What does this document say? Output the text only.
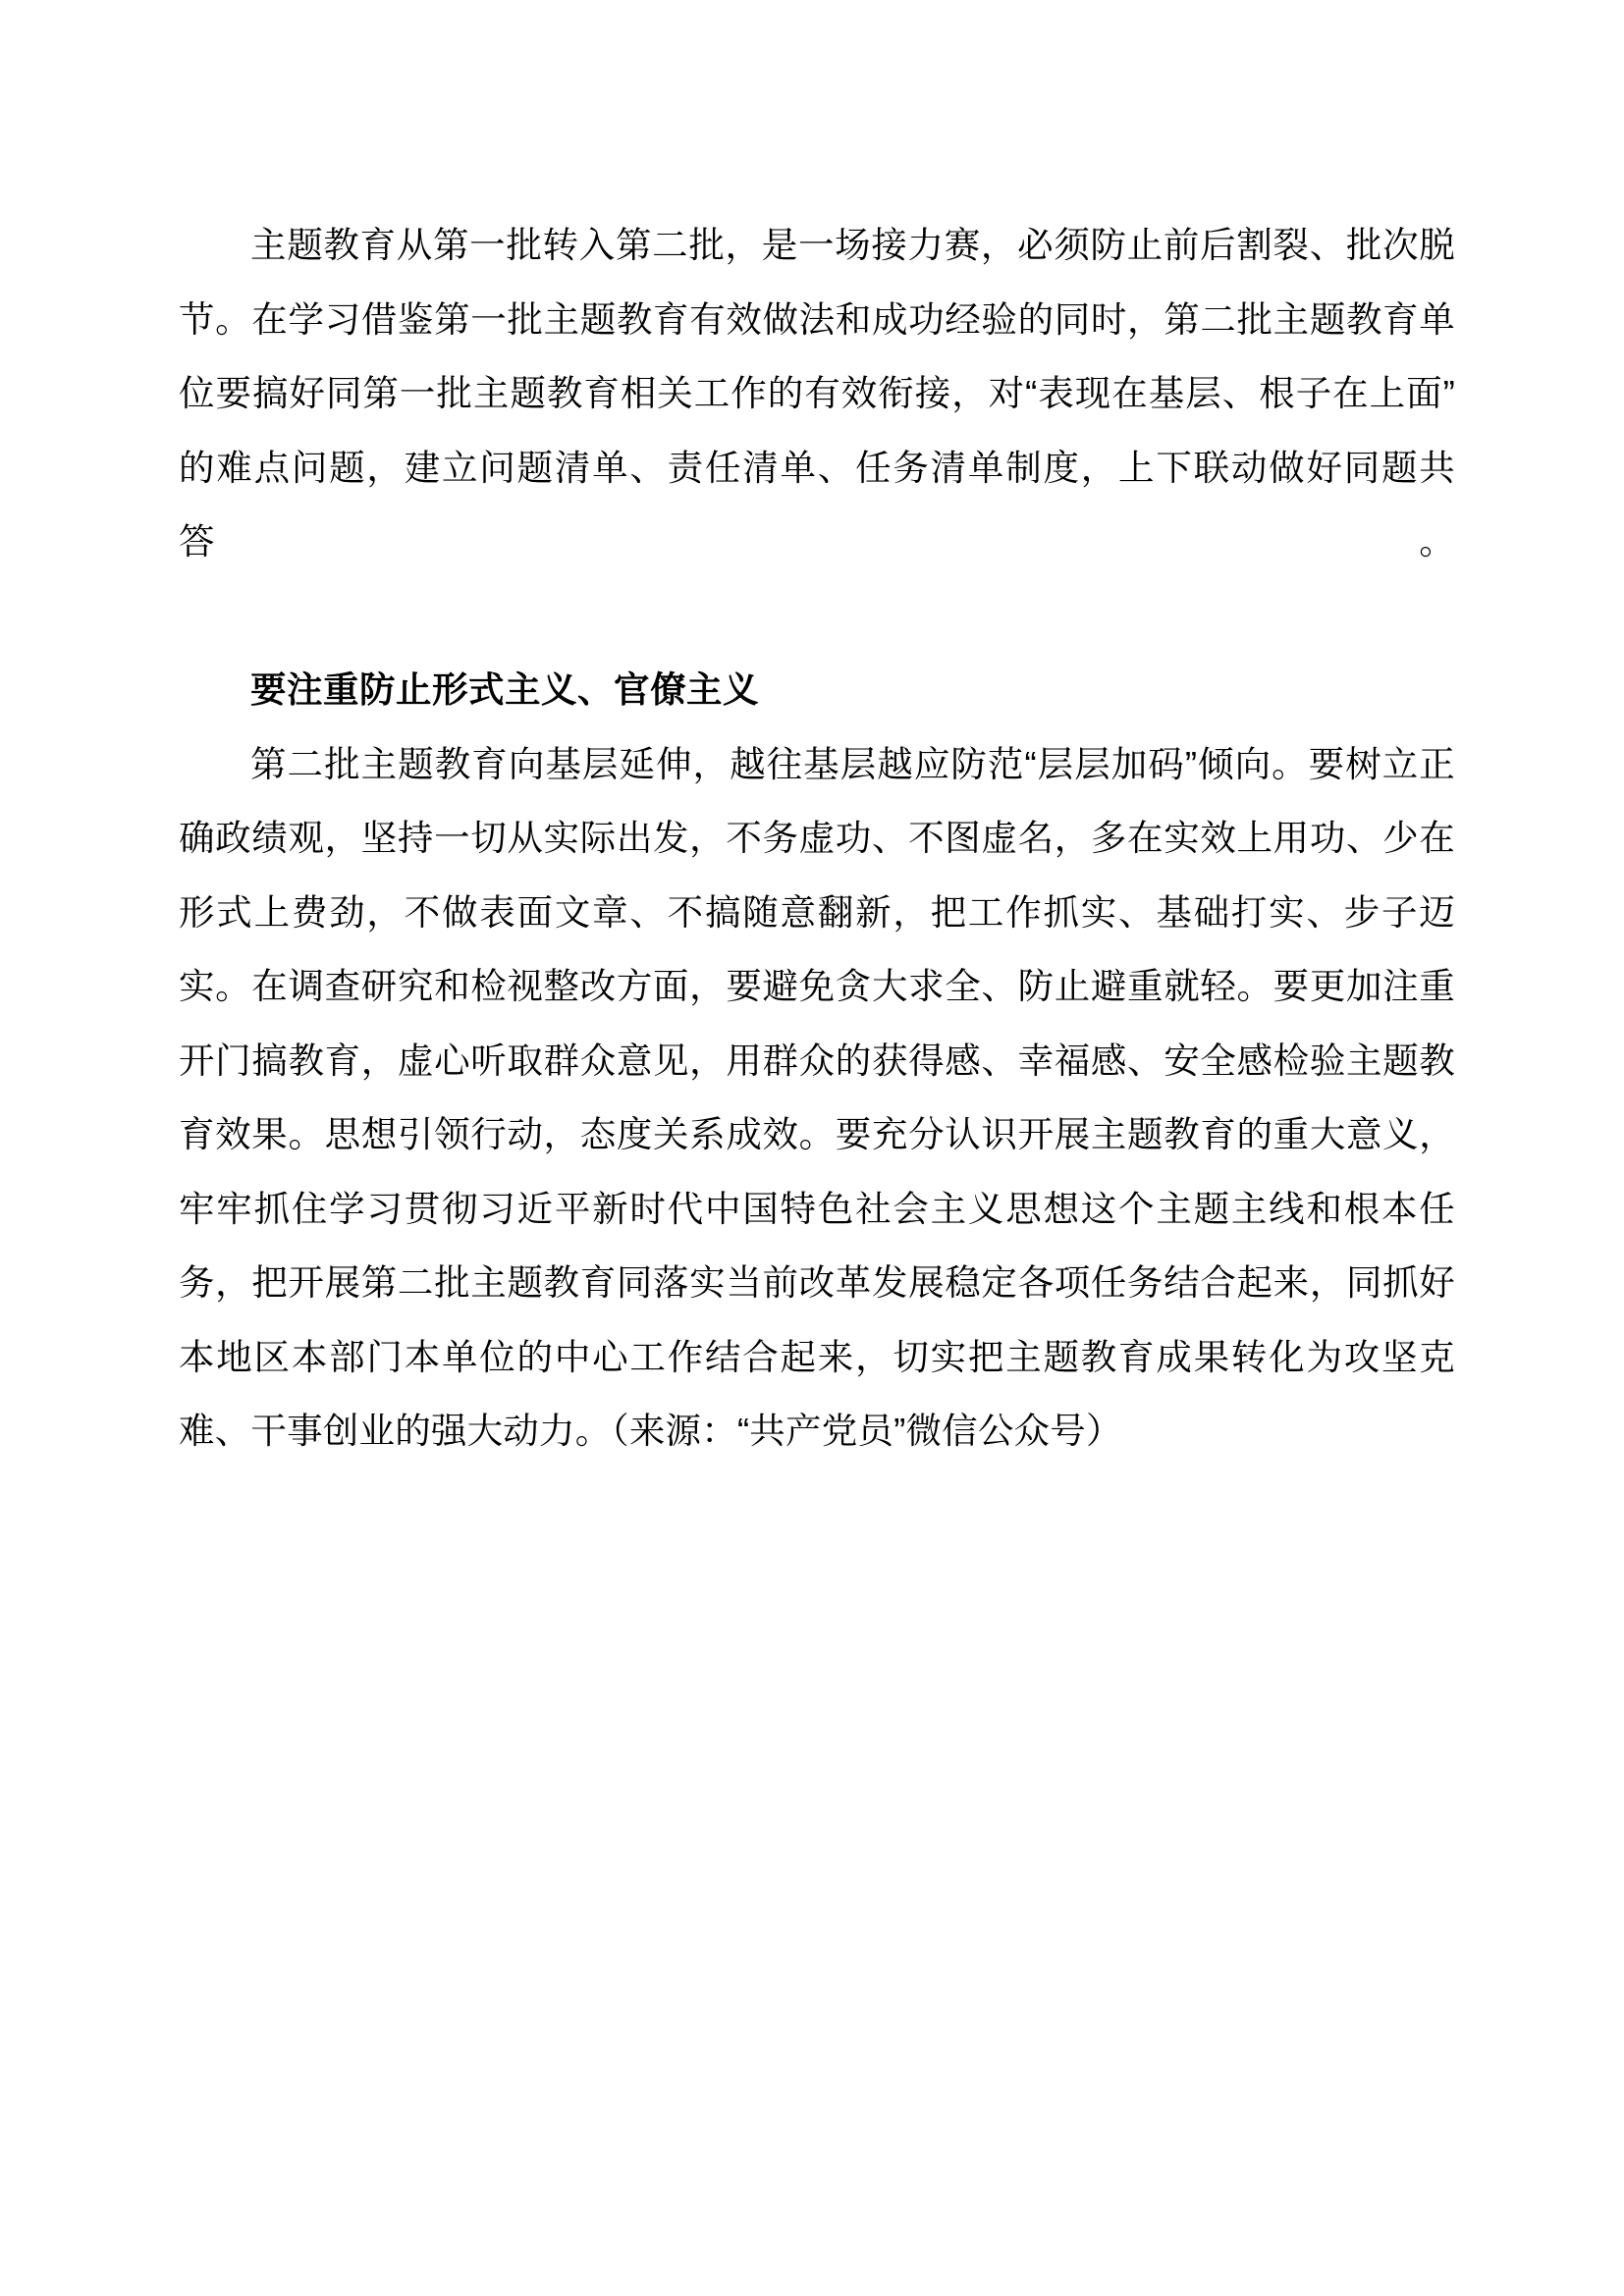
主题教育从第一批转入第二批，是一场接力赛，必须防止前后割裂、批次脱节。在学习借鉴第一批主题教育有效做法和成功经验的同时，第二批主题教育单位要搞好同第一批主题教育相关工作的有效衔接，对“表现在基层、根子在上面”的难点问题，建立问题清单、责任清单、任务清单制度，上下联动做好同题共答。

要注重防止形式主义、官僚主义

第二批主题教育向基层延伸，越往基层越应防范“层层加码”倾向。要树立正确政绩观，坚持一切从实际出发，不务虚功、不图虚名，多在实效上用功、少在形式上费劲，不做表面文章、不搞随意翻新，把工作抓实、基础打实、步子迈实。在调查研究和检视整改方面，要避免贪大求全、防止避重就轻。要更加注重开门搞教育，虚心听取群众意见，用群众的获得感、幸福感、安全感检验主题教育效果。思想引领行动，态度关系成效。要充分认识开展主题教育的重大意义，牢牢抓住学习贯彻习近平新时代中国特色社会主义思想这个主题主线和根本任务，把开展第二批主题教育同落实当前改革发展稳定各项任务结合起来，同抓好本地区本部门本单位的中心工作结合起来，切实把主题教育成果转化为攻坚克难、干事创业的强大动力。（来源：“共产党员”微信公众号）
